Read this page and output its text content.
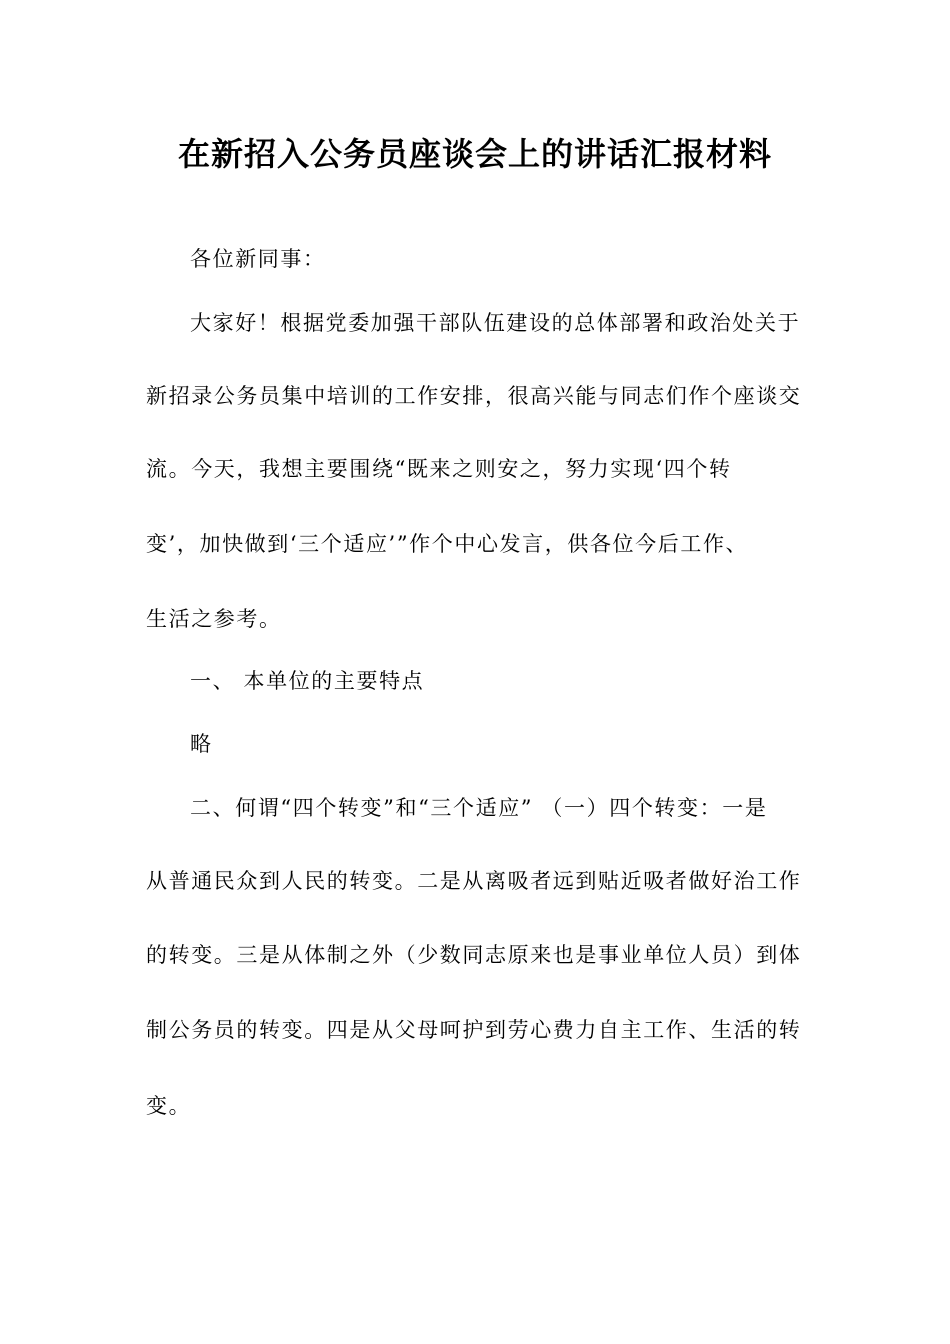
在新招入公务员座谈会上的讲话汇报材料
各位新同事：
大家好！根据党委加强干部队伍建设的总体部署和政治处关于
新招录公务员集中培训的工作安排，很高兴能与同志们作个座谈交
流。今天，我想主要围绕“既来之则安之，努力实现‘四个转
变’，加快做到‘三个适应’”作个中心发言，供各位今后工作、
生活之参考。
一、 本单位的主要特点
略
二、何谓“四个转变”和“三个适应” （一）四个转变：一是
从普通民众到人民的转变。二是从离吸者远到贴近吸者做好治工作
的转变。三是从体制之外（少数同志原来也是事业单位人员）到体
制公务员的转变。四是从父母呵护到劳心费力自主工作、生活的转
变。
